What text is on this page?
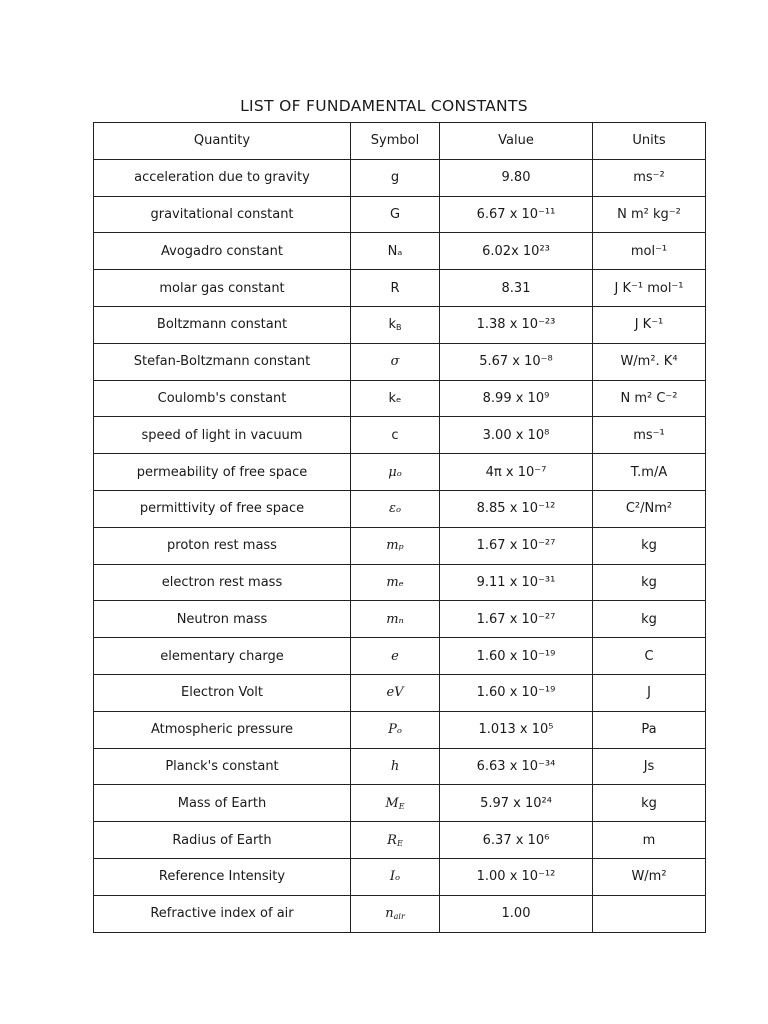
LIST OF FUNDAMENTAL CONSTANTS
Quantity	Symbol	Value	Units
acceleration due to gravity	g	9.80	ms⁻²
gravitational constant	G	6.67 x 10⁻¹¹	N m² kg⁻²
Avogadro constant	Nₐ	6.02x 10²³	mol⁻¹
molar gas constant	R	8.31	J K⁻¹ mol⁻¹
Boltzmann constant	$k_B$	1.38 x 10⁻²³	J K⁻¹
Stefan-Boltzmann constant	σ	5.67 x 10⁻⁸	W/m². K⁴
Coulomb's constant	kₑ	8.99 x 10⁹	N m² C⁻²
speed of light in vacuum	c	3.00 x 10⁸	ms⁻¹
permeability of free space	μₒ	4π x 10⁻⁷	T.m/A
permittivity of free space	εₒ	8.85 x 10⁻¹²	C²/Nm²
proton rest mass	mₚ	1.67 x 10⁻²⁷	kg
electron rest mass	mₑ	9.11 x 10⁻³¹	kg
Neutron mass	mₙ	1.67 x 10⁻²⁷	kg
elementary charge	e	1.60 x 10⁻¹⁹	C
Electron Volt	eV	1.60 x 10⁻¹⁹	J
Atmospheric pressure	Pₒ	1.013 x 10⁵	Pa
Planck's constant	h	6.63 x 10⁻³⁴	Js
Mass of Earth	$M_E$	5.97 x 10²⁴	kg
Radius of Earth	$R_E$	6.37 x 10⁶	m
Reference Intensity	Iₒ	1.00 x 10⁻¹²	W/m²
Refractive index of air	$n_{air}$	1.00	
